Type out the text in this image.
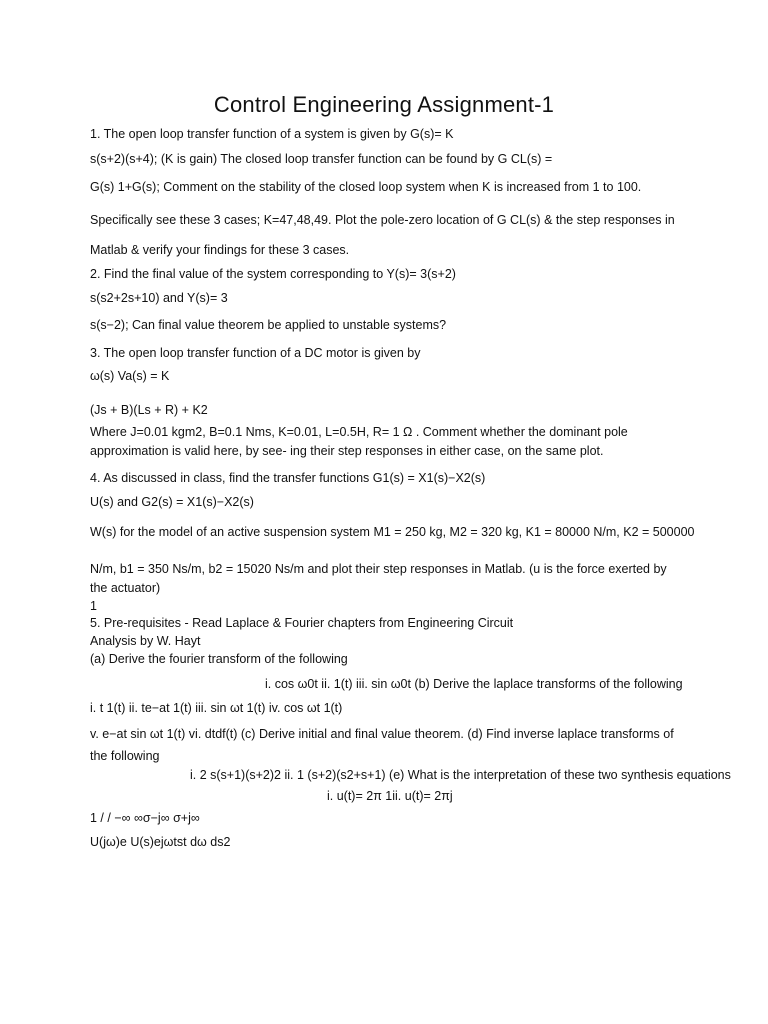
Control Engineering Assignment-1
1. The open loop transfer function of a system is given by G(s)= K
s(s+2)(s+4); (K is gain) The closed loop transfer function can be found by G CL(s) =
G(s) 1+G(s); Comment on the stability of the closed loop system when K is increased from 1 to 100.
Specifically see these 3 cases; K=47,48,49. Plot the pole-zero location of G CL(s) & the step responses in
Matlab & verify your findings for these 3 cases.
2. Find the final value of the system corresponding to Y(s)= 3(s+2)
s(s2+2s+10) and Y(s)= 3
s(s−2); Can final value theorem be applied to unstable systems?
3. The open loop transfer function of a DC motor is given by
ω(s) Va(s) = K
(Js + B)(Ls + R) + K2
Where J=0.01 kgm2, B=0.1 Nms, K=0.01, L=0.5H, R= 1 Ω . Comment whether the dominant pole
approximation is valid here, by see- ing their step responses in either case, on the same plot.
4. As discussed in class, find the transfer functions G1(s) = X1(s)−X2(s)
U(s) and G2(s) = X1(s)−X2(s)
W(s) for the model of an active suspension system M1 = 250 kg, M2 = 320 kg, K1 = 80000 N/m, K2 = 500000
N/m, b1 = 350 Ns/m, b2 = 15020 Ns/m and plot their step responses in Matlab. (u is the force exerted by
the actuator)
1
5. Pre-requisites - Read Laplace & Fourier chapters from Engineering Circuit
Analysis by W. Hayt
(a) Derive the fourier transform of the following
i. cos ω0t ii. 1(t) iii. sin ω0t (b) Derive the laplace transforms of the following
i. t 1(t) ii. te−at 1(t) iii. sin ωt 1(t) iv. cos ωt 1(t)
v. e−at sin ωt 1(t) vi. dtdf(t) (c) Derive initial and final value theorem. (d) Find inverse laplace transforms of
the following
i. 2 s(s+1)(s+2)2 ii. 1 (s+2)(s2+s+1) (e) What is the interpretation of these two synthesis equations
i. u(t)= 2π 1ii. u(t)= 2πj
1 / / −∞ ∞σ−j∞ σ+j∞
U(jω)e U(s)ejωtst dω ds2
